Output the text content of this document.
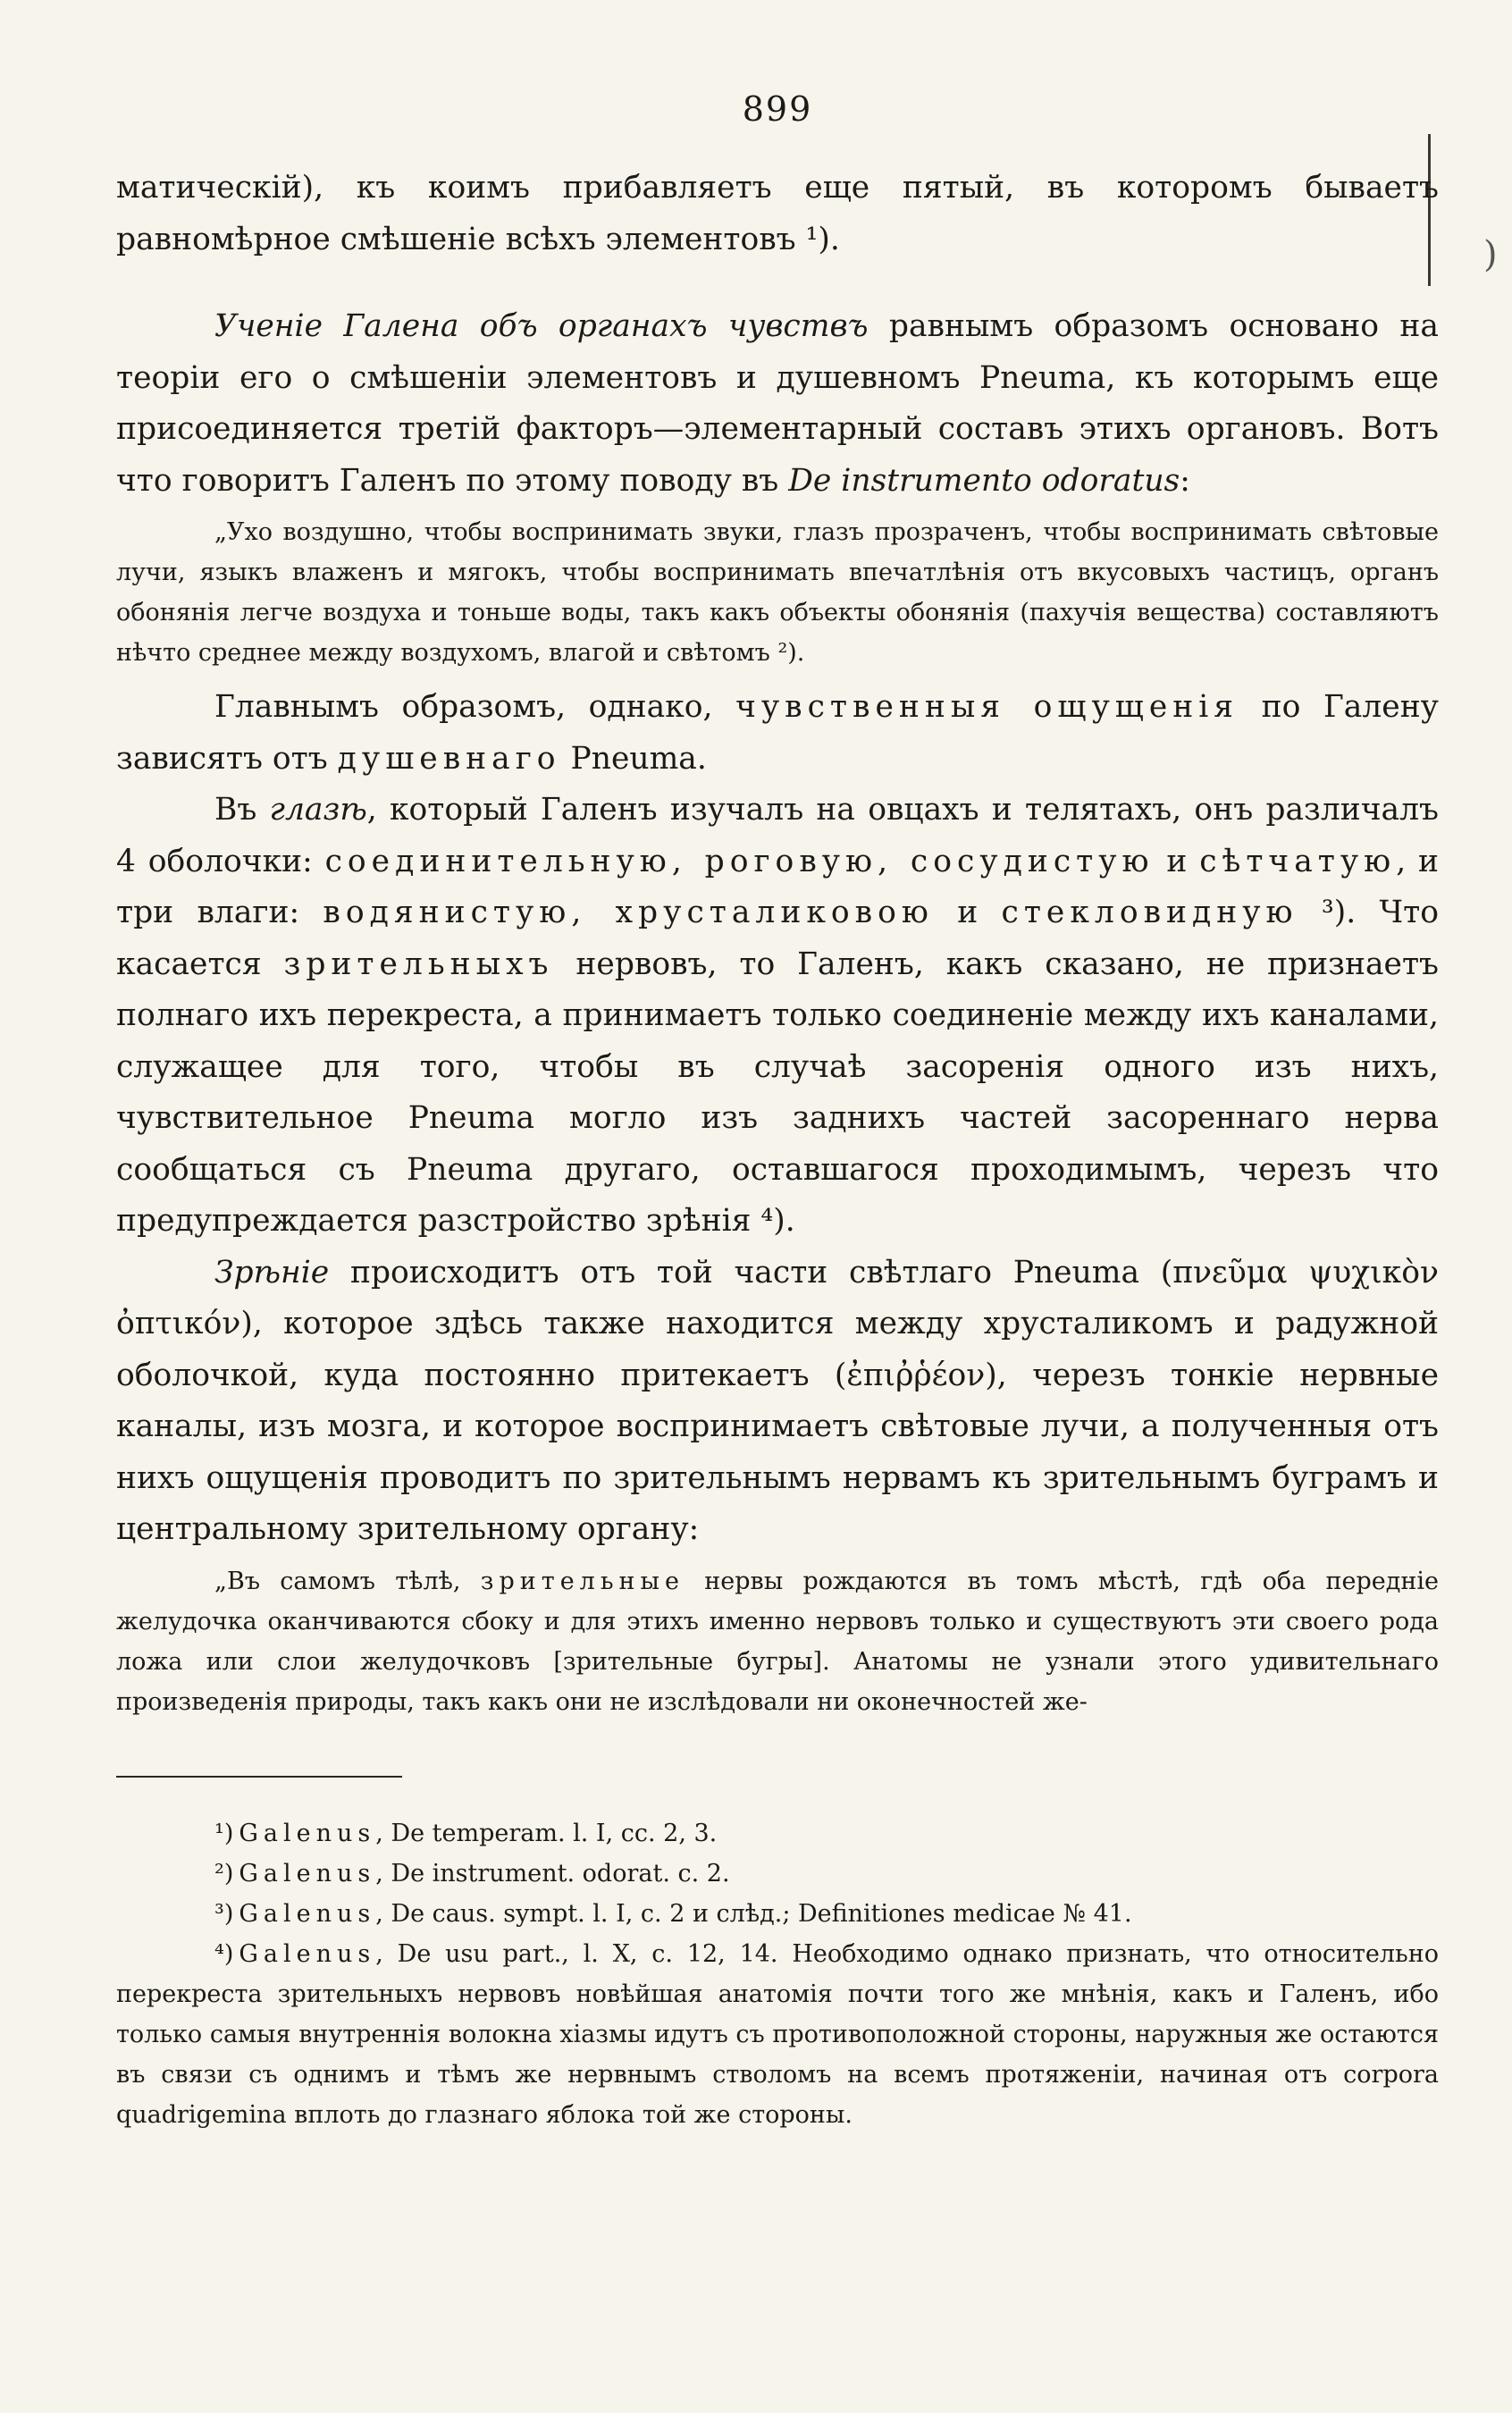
)
899

матическій), къ коимъ прибавляетъ еще пятый, въ которомъ бываетъ равномѣрное смѣшеніе всѣхъ элементовъ ¹).

Ученіе Галена объ органахъ чувствъ равнымъ образомъ основано на теоріи его о смѣшеніи элементовъ и душевномъ Pneuma, къ которымъ еще присоединяется третій факторъ—элементарный составъ этихъ органовъ. Вотъ что говоритъ Галенъ по этому поводу въ De instrumento odoratus:

„Ухо воздушно, чтобы воспринимать звуки, глазъ прозраченъ, чтобы воспринимать свѣтовые лучи, языкъ влаженъ и мягокъ, чтобы воспринимать впечатлѣнія отъ вкусовыхъ частицъ, органъ обонянія легче воздуха и тоньше воды, такъ какъ объекты обонянія (пахучія вещества) составляютъ нѣчто среднее между воздухомъ, влагой и свѣтомъ ²).

Главнымъ образомъ, однако, чувственныя ощущенія по Галену зависятъ отъ душевнаго Pneuma.

Въ глазѣ, который Галенъ изучалъ на овцахъ и телятахъ, онъ различалъ 4 оболочки: соединительную, роговую, сосудистую и сѣтчатую, и три влаги: водянистую, хрусталиковою и стекловидную ³). Что касается зрительныхъ нервовъ, то Галенъ, какъ сказано, не признаетъ полнаго ихъ перекреста, а принимаетъ только соединеніе между ихъ каналами, служащее для того, чтобы въ случаѣ засоренія одного изъ нихъ, чувствительное Pneuma могло изъ заднихъ частей засореннаго нерва сообщаться съ Pneuma другаго, оставшагося проходимымъ, черезъ что предупреждается разстройство зрѣнія ⁴).

Зрѣніе происходитъ отъ той части свѣтлаго Pneuma (πνεῦμα ψυχικὸν ὀπτικόν), которое здѣсь также находится между хрусталикомъ и радужной оболочкой, куда постоянно притекаетъ (ἐπιῤῥέον), черезъ тонкіе нервные каналы, изъ мозга, и которое воспринимаетъ свѣтовые лучи, а полученныя отъ нихъ ощущенія проводитъ по зрительнымъ нервамъ къ зрительнымъ буграмъ и центральному зрительному органу:

„Въ самомъ тѣлѣ, зрительные нервы рождаются въ томъ мѣстѣ, гдѣ оба передніе желудочка оканчиваются сбоку и для этихъ именно нервовъ только и существуютъ эти своего рода ложа или слои желудочковъ [зрительные бугры]. Анатомы не узнали этого удивительнаго произведенія природы, такъ какъ они не изслѣдовали ни оконечностей же-

¹) Galenus, De temperam. l. I, cc. 2, 3.

²) Galenus, De instrument. odorat. c. 2.

³) Galenus, De caus. sympt. l. I, c. 2 и слѣд.; Definitiones medicae № 41.

⁴) Galenus, De usu part., l. X, c. 12, 14. Необходимо однако признать, что относительно перекреста зрительныхъ нервовъ новѣйшая анатомія почти того же мнѣнія, какъ и Галенъ, ибо только самыя внутреннія волокна хіазмы идутъ съ противоположной стороны, наружныя же остаются въ связи съ однимъ и тѣмъ же нервнымъ стволомъ на всемъ протяженіи, начиная отъ corpora quadrigemina вплоть до глазнаго яблока той же стороны.
